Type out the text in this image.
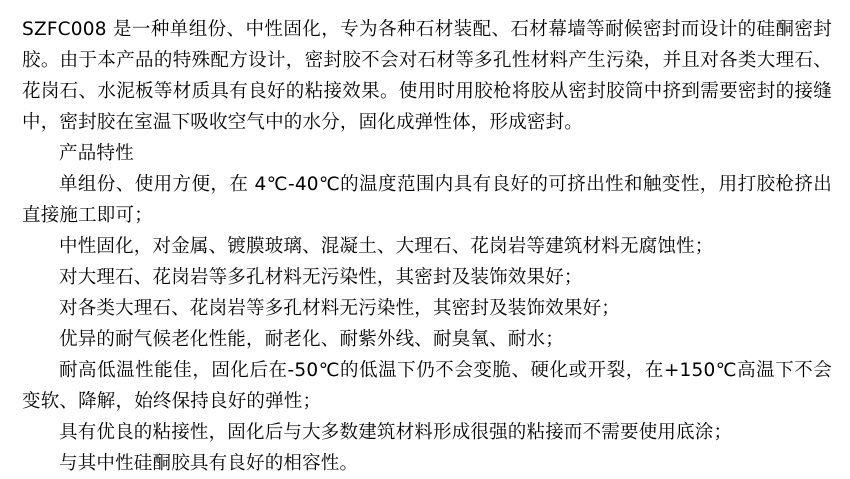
SZFC008 是一种单组份、中性固化，专为各种石材装配、石材幕墙等耐候密封而设计的硅酮密封胶。由于本产品的特殊配方设计，密封胶不会对石材等多孔性材料产生污染，并且对各类大理石、花岗石、水泥板等材质具有良好的粘接效果。使用时用胶枪将胶从密封胶筒中挤到需要密封的接缝中，密封胶在室温下吸收空气中的水分，固化成弹性体，形成密封。

产品特性

单组份、使用方便，在 4℃-40℃的温度范围内具有良好的可挤出性和触变性，用打胶枪挤出直接施工即可；

中性固化，对金属、镀膜玻璃、混凝土、大理石、花岗岩等建筑材料无腐蚀性；

对大理石、花岗岩等多孔材料无污染性，其密封及装饰效果好；

对各类大理石、花岗岩等多孔材料无污染性，其密封及装饰效果好；

优异的耐气候老化性能，耐老化、耐紫外线、耐臭氧、耐水；

耐高低温性能佳，固化后在-50℃的低温下仍不会变脆、硬化或开裂，在+150℃高温下不会变软、降解，始终保持良好的弹性；

具有优良的粘接性，固化后与大多数建筑材料形成很强的粘接而不需要使用底涂；

与其中性硅酮胶具有良好的相容性。
